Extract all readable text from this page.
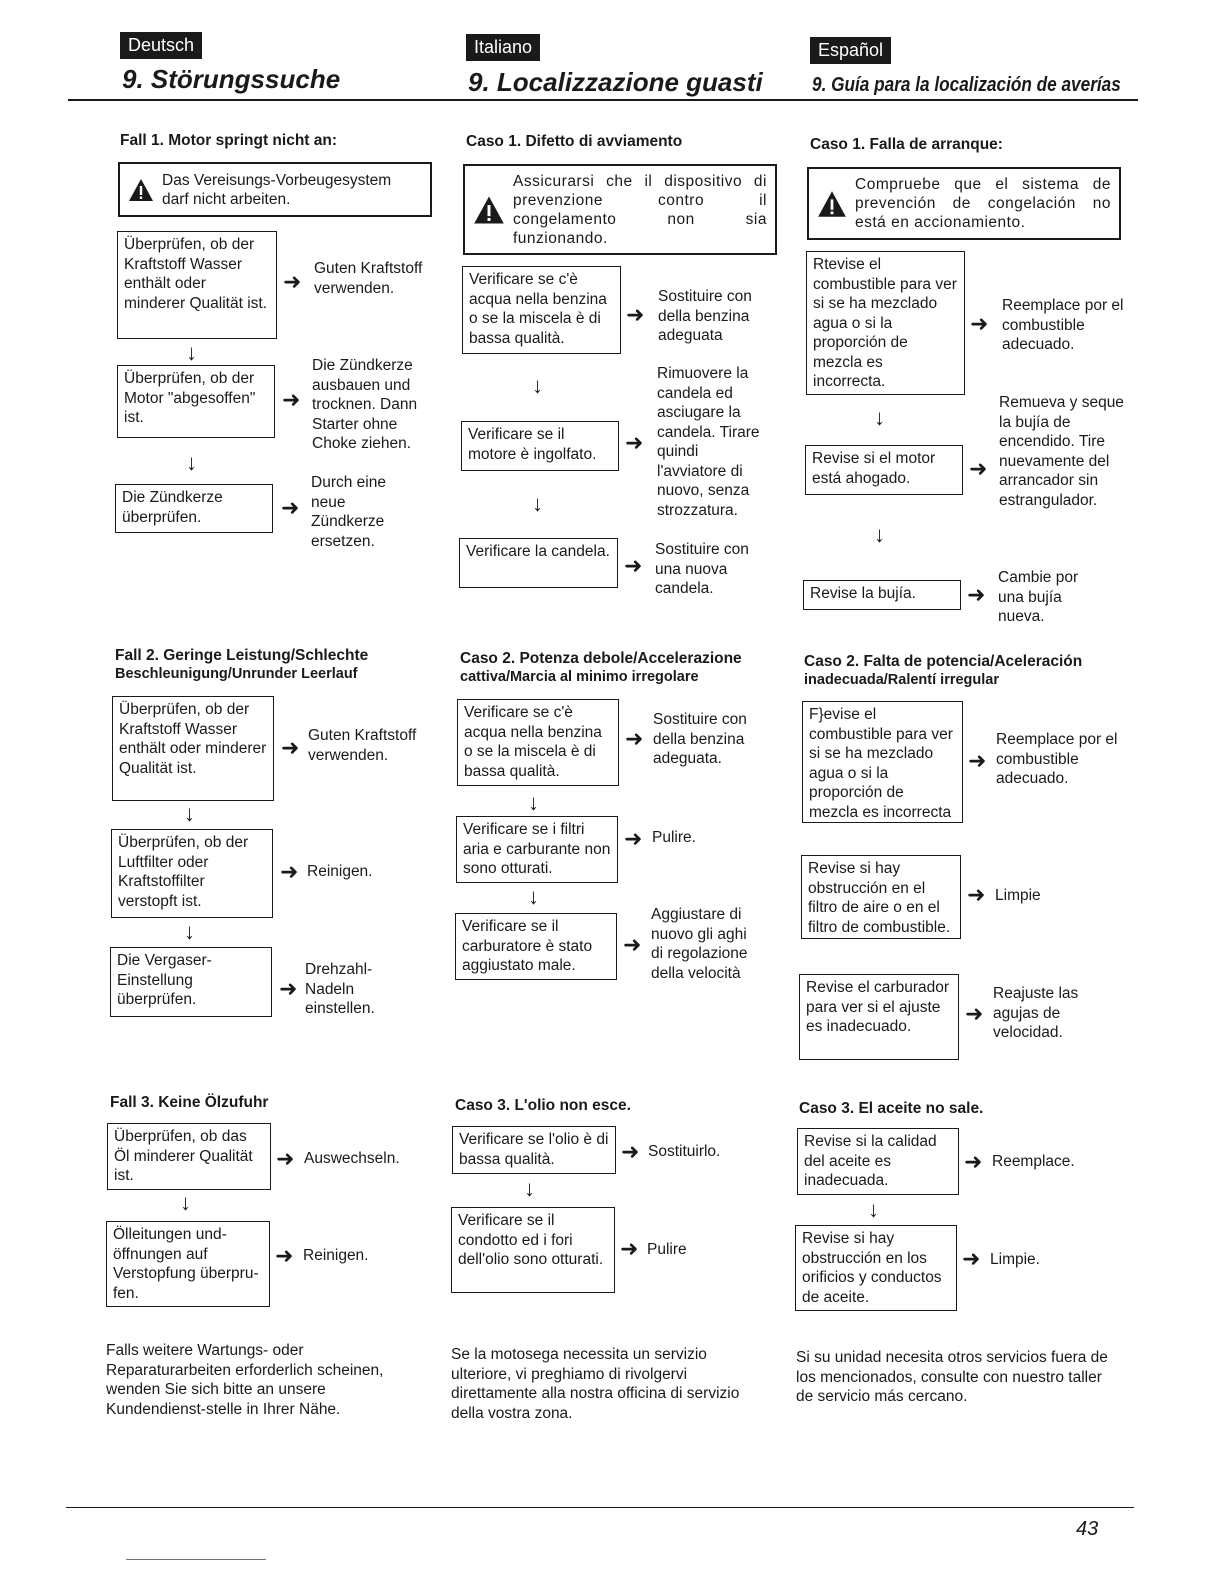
Deutsch
9. Störungssuche
Italiano
9. Localizzazione guasti
Español
9. Guía para la localización de averías
Fall 1. Motor springt nicht an:
Das Vereisungs-Vorbeugesystem darf nicht arbeiten.
Überprüfen, ob der Kraftstoff Wasser enthält oder minderer Qualität ist.
➜
Guten Kraftstoff verwenden.
↓
Überprüfen, ob der Motor "abgesoffen" ist.
➜
Die Zündkerze ausbauen und trocknen. Dann Starter ohne Choke ziehen.
↓
Die Zündkerze überprüfen.	➜
Durch eine neue Zündkerze ersetzen.
Fall 2. Geringe Leistung/Schlechte
Beschleunigung/Unrunder Leerlauf
Überprüfen, ob der Kraftstoff Wasser enthält oder minderer Qualität ist.
➜ Guten Kraftstoff verwenden.
↓
Überprüfen, ob der Luftfilter oder Kraftstoffilter verstopft ist.
➜ Reinigen.
↓
Die Vergaser-Einstellung überprüfen.	➜
Drehzahl-Nadeln einstellen.
Fall 3. Keine Ölzufuhr
Überprüfen, ob das Öl minderer Qualität ist.
➜ Auswechseln.
↓
Ölleitungen und-öffnungen auf Verstopfung überpru-fen.
➜ Reinigen.
Falls weitere Wartungs- oder Reparaturarbeiten erforderlich scheinen, wenden Sie sich bitte an unsere Kundendienst-stelle in Ihrer Nähe.
Caso 1. Difetto di avviamento
Assicurarsi che il dispositivo di prevenzione contro il congelamento non sia funzionando.
Verificare se c'è acqua nella benzina o se la miscela è di bassa qualità.
➜
Sostituire con della benzina adeguata
↓
Verificare se il motore è ingolfato.	➜
Rimuovere la candela ed asciugare la candela. Tirare quindi l'avviatore di nuovo, senza strozzatura.
↓
Verificare la candela.
➜
Sostituire con una nuova candela.
Caso 2. Potenza debole/Accelerazione
cattiva/Marcia al minimo irregolare
Verificare se c'è acqua nella benzina o se la miscela è di bassa qualità.
➜
Sostituire con della benzina adeguata.
↓
Verificare se i filtri aria e carburante non sono otturati.
➜ Pulire.
↓
Verificare se il carburatore è stato aggiustato male.
➜
Aggiustare di nuovo gli aghi di regolazione della velocità
Caso 3. L'olio non esce.
Verificare se l'olio è di bassa qualità.	➜ Sostituirlo.
↓
Verificare se il condotto ed i fori dell'olio sono otturati. ➜ Pulire
Se la motosega necessita un servizio ulteriore, vi preghiamo di rivolgervi direttamente alla nostra officina di servizio della vostra zona.
Caso 1. Falla de arranque:
Compruebe que el sistema de prevención de congelación no está en accionamiento.
Rtevise el combustible para ver si se ha mezclado agua o si la proporción de mezcla es incorrecta.
➜
Reemplace por el combustible adecuado.
↓
Revise si el motor está ahogado.	➜
Remueva y seque la bujía de encendido. Tire nuevamente del arrancador sin estrangulador.
↓
Revise la bujía.	➜
Cambie por una bujía nueva.
Caso 2. Falta de potencia/Aceleración
inadecuada/Ralentí irregular
F}evise el combustible para ver si se ha mezclado agua o si la proporción de mezcla es incorrecta
➜
Reemplace por el combustible adecuado.
Revise si hay obstrucción en el filtro de aire o en el filtro de combustible.
➜ Limpie
Revise el carburador para ver si el ajuste es inadecuado.
➜
Reajuste las agujas de velocidad.
Caso 3. El aceite no sale.
Revise si la calidad del aceite es inadecuada.
➜ Reemplace.
↓
Revise si hay obstrucción en los orificios y conductos de aceite.
➜ Limpie.
Si su unidad necesita otros servicios fuera de los mencionados, consulte con nuestro taller de servicio más cercano.
43
